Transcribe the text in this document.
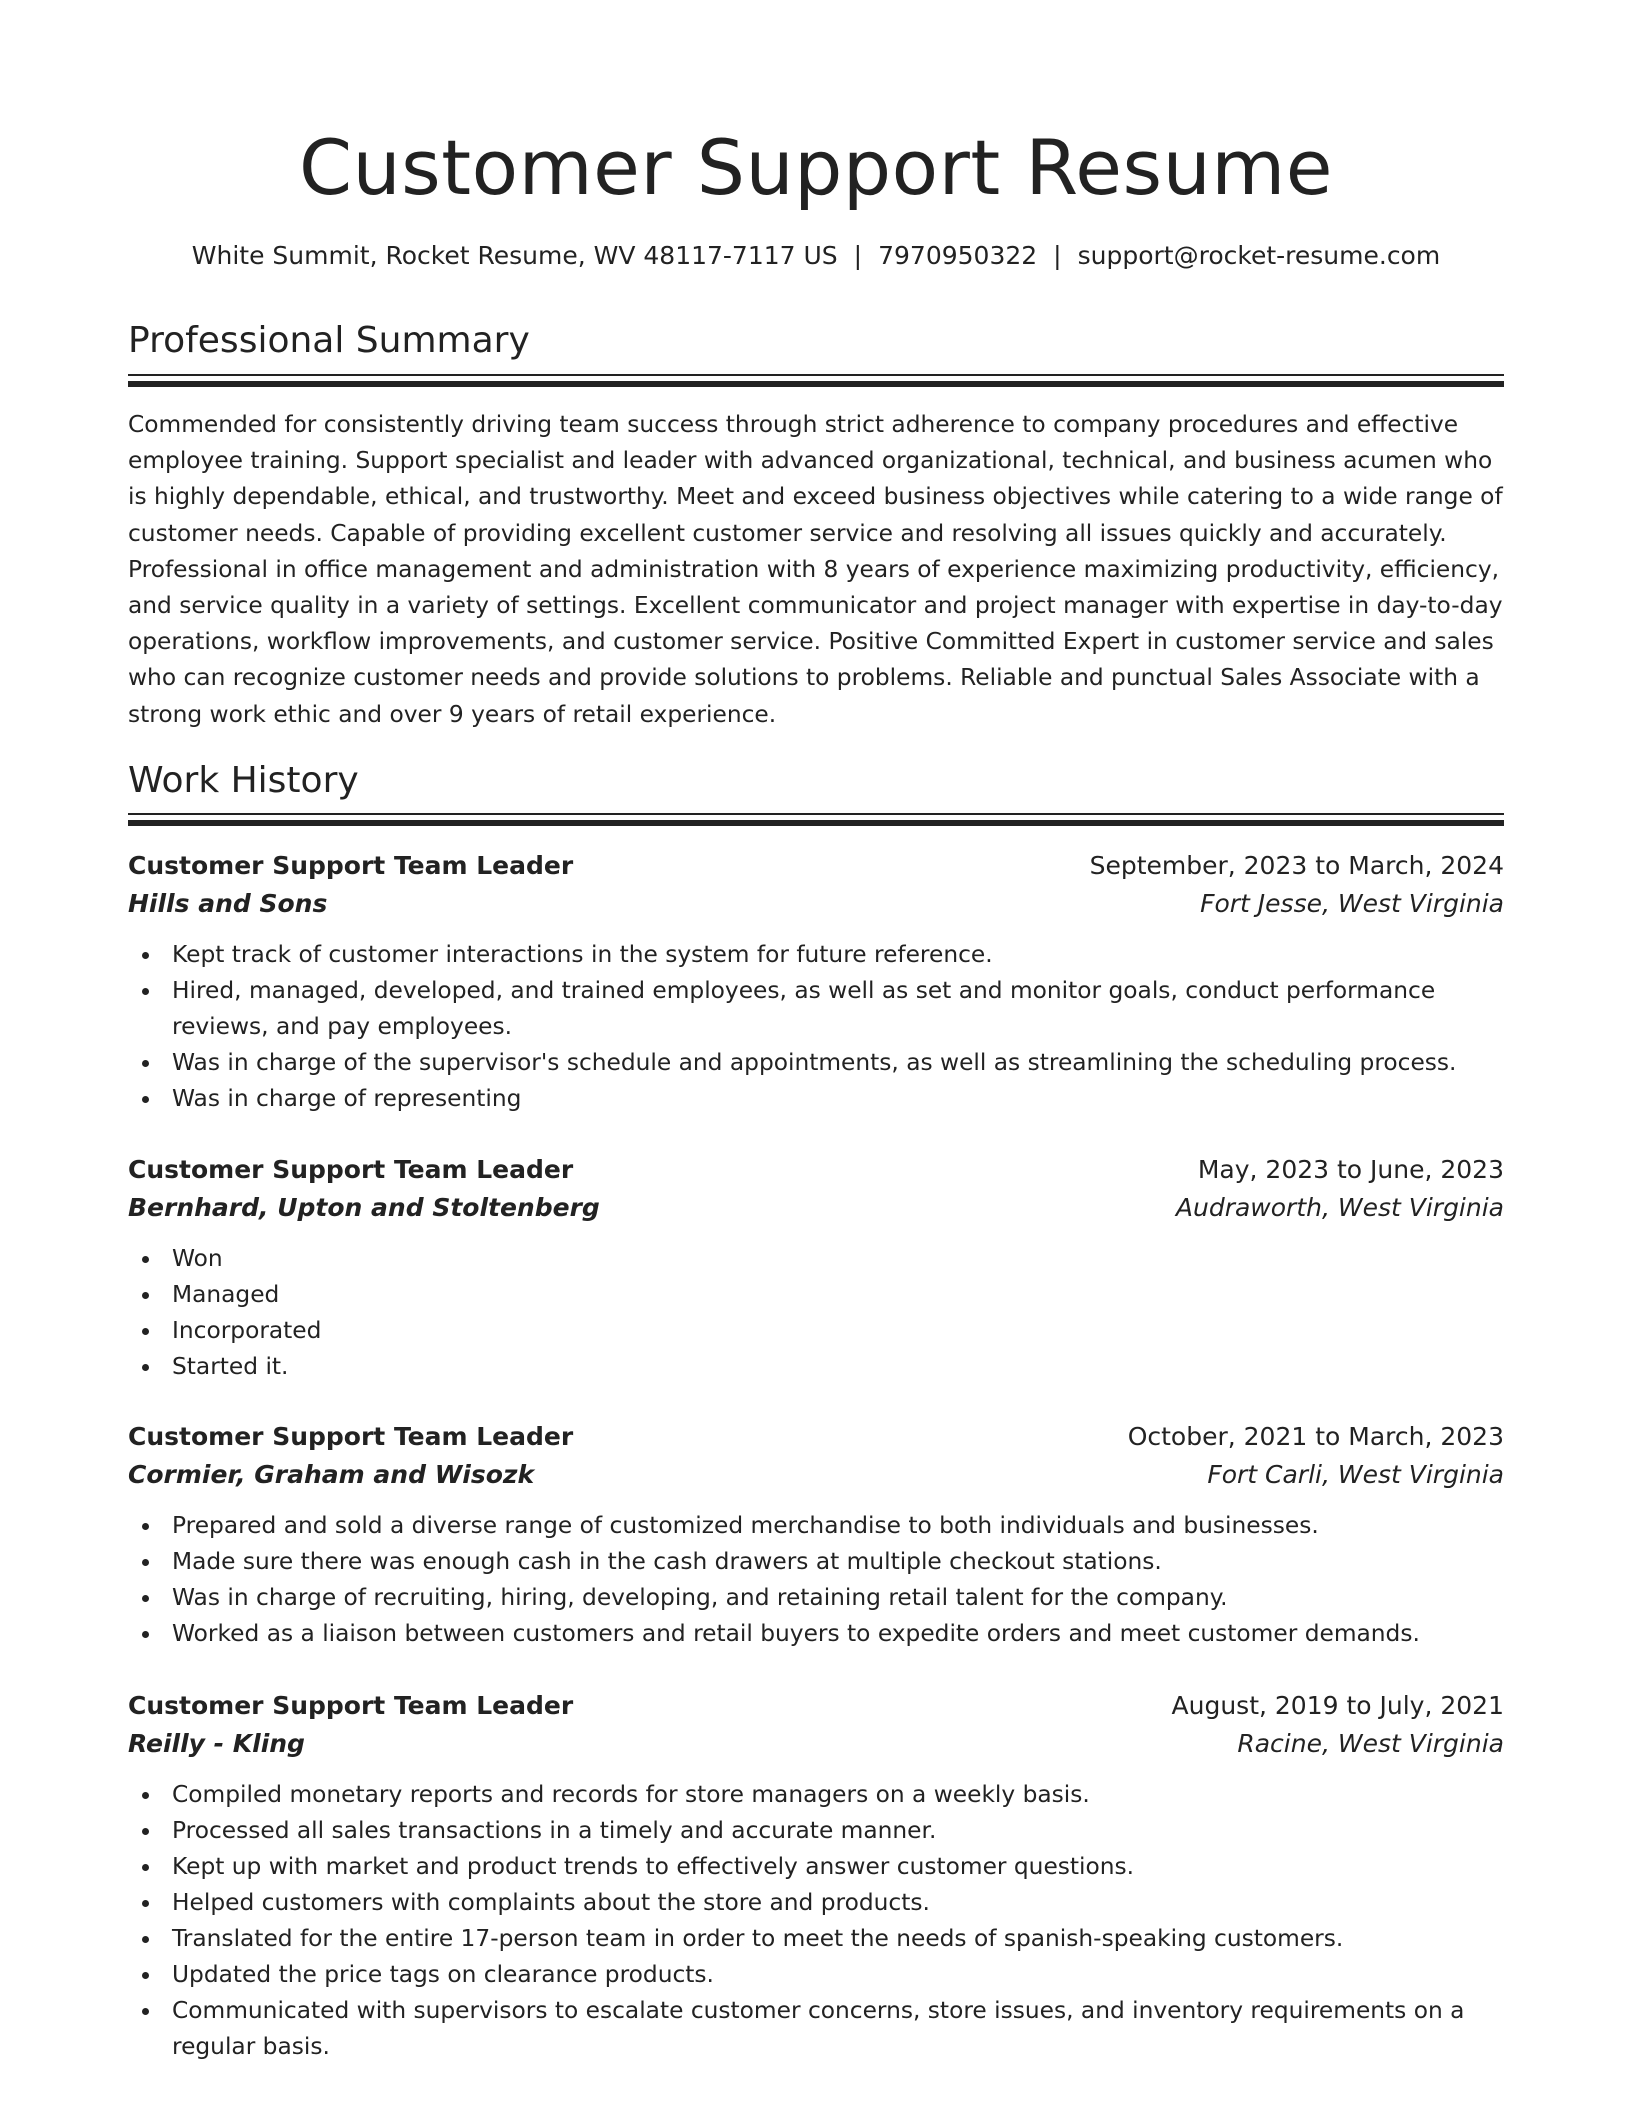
Customer Support Resume
White Summit, Rocket Resume, WV 48117-7117 US | 7970950322 | support@rocket-resume.com
Professional Summary
Commended for consistently driving team success through strict adherence to company procedures and effective employee training. Support specialist and leader with advanced organizational, technical, and business acumen who is highly dependable, ethical, and trustworthy. Meet and exceed business objectives while catering to a wide range of customer needs. Capable of providing excellent customer service and resolving all issues quickly and accurately. Professional in office management and administration with 8 years of experience maximizing productivity, efficiency, and service quality in a variety of settings. Excellent communicator and project manager with expertise in day-to-day operations, workflow improvements, and customer service. Positive Committed Expert in customer service and sales who can recognize customer needs and provide solutions to problems. Reliable and punctual Sales Associate with a strong work ethic and over 9 years of retail experience.
Work History
Customer Support Team Leader	September, 2023 to March, 2024
Hills and Sons	Fort Jesse, West Virginia
Kept track of customer interactions in the system for future reference.
Hired, managed, developed, and trained employees, as well as set and monitor goals, conduct performance reviews, and pay employees.
Was in charge of the supervisor's schedule and appointments, as well as streamlining the scheduling process.
Was in charge of representing
Customer Support Team Leader	May, 2023 to June, 2023
Bernhard, Upton and Stoltenberg	Audraworth, West Virginia
Won
Managed
Incorporated
Started it.
Customer Support Team Leader	October, 2021 to March, 2023
Cormier, Graham and Wisozk	Fort Carli, West Virginia
Prepared and sold a diverse range of customized merchandise to both individuals and businesses.
Made sure there was enough cash in the cash drawers at multiple checkout stations.
Was in charge of recruiting, hiring, developing, and retaining retail talent for the company.
Worked as a liaison between customers and retail buyers to expedite orders and meet customer demands.
Customer Support Team Leader	August, 2019 to July, 2021
Reilly - Kling	Racine, West Virginia
Compiled monetary reports and records for store managers on a weekly basis.
Processed all sales transactions in a timely and accurate manner.
Kept up with market and product trends to effectively answer customer questions.
Helped customers with complaints about the store and products.
Translated for the entire 17-person team in order to meet the needs of spanish-speaking customers.
Updated the price tags on clearance products.
Communicated with supervisors to escalate customer concerns, store issues, and inventory requirements on a regular basis.
